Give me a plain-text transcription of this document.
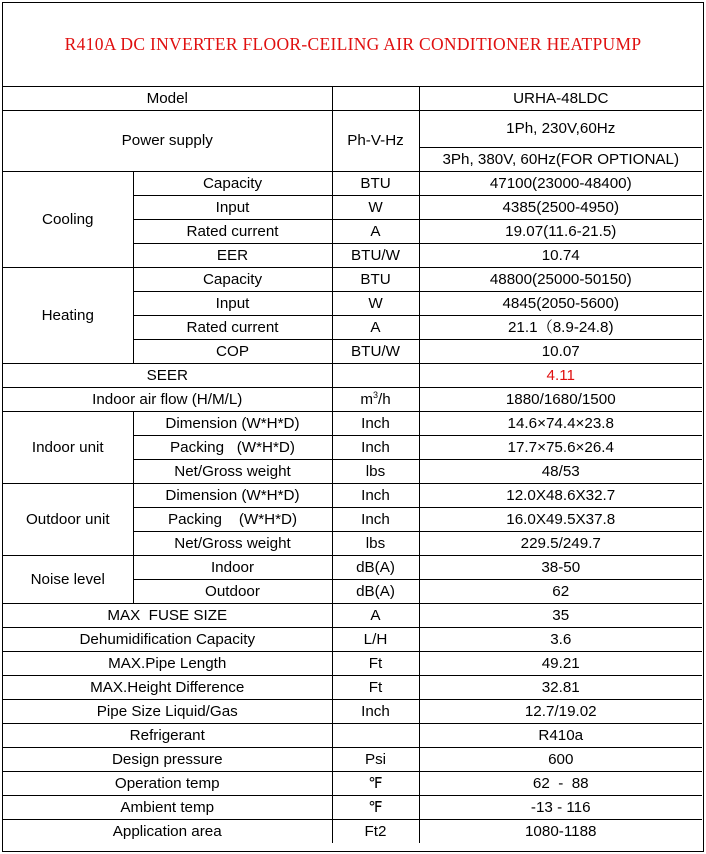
R410A DC INVERTER FLOOR-CEILING AIR CONDITIONER HEATPUMP
Model			URHA-48LDC
Power supply		Ph-V-Hz	1Ph, 230V,60Hz
			3Ph, 380V, 60Hz(FOR OPTIONAL)
Cooling	Capacity	BTU	47100(23000-48400)
	Input	W	4385(2500-4950)
	Rated current	A	19.07(11.6-21.5)
	EER	BTU/W	10.74
Heating	Capacity	BTU	48800(25000-50150)
	Input	W	4845(2050-5600)
	Rated current	A	21.1（8.9-24.8)
	COP	BTU/W	10.07
SEER			4.11
Indoor air flow (H/M/L)		$m^3/h$	1880/1680/1500
Indoor unit	Dimension (W*H*D)	Inch	14.6×74.4×23.8
	Packing   (W*H*D)	Inch	17.7×75.6×26.4
	Net/Gross weight	lbs	48/53
Outdoor unit	Dimension (W*H*D)	Inch	12.0X48.6X32.7
	Packing    (W*H*D)	Inch	16.0X49.5X37.8
	Net/Gross weight	lbs	229.5/249.7
Noise level	Indoor	dB(A)	38-50
	Outdoor	dB(A)	62
MAX  FUSE SIZE		A	35
Dehumidification Capacity		L/H	3.6
MAX.Pipe Length		Ft	49.21
MAX.Height Difference		Ft	32.81
Pipe Size Liquid/Gas		Inch	12.7/19.02
Refrigerant			R410a
Design pressure		Psi	600
Operation temp		℉	62  -  88
Ambient temp		℉	-13 - 116
Application area		Ft2	1080-1188
